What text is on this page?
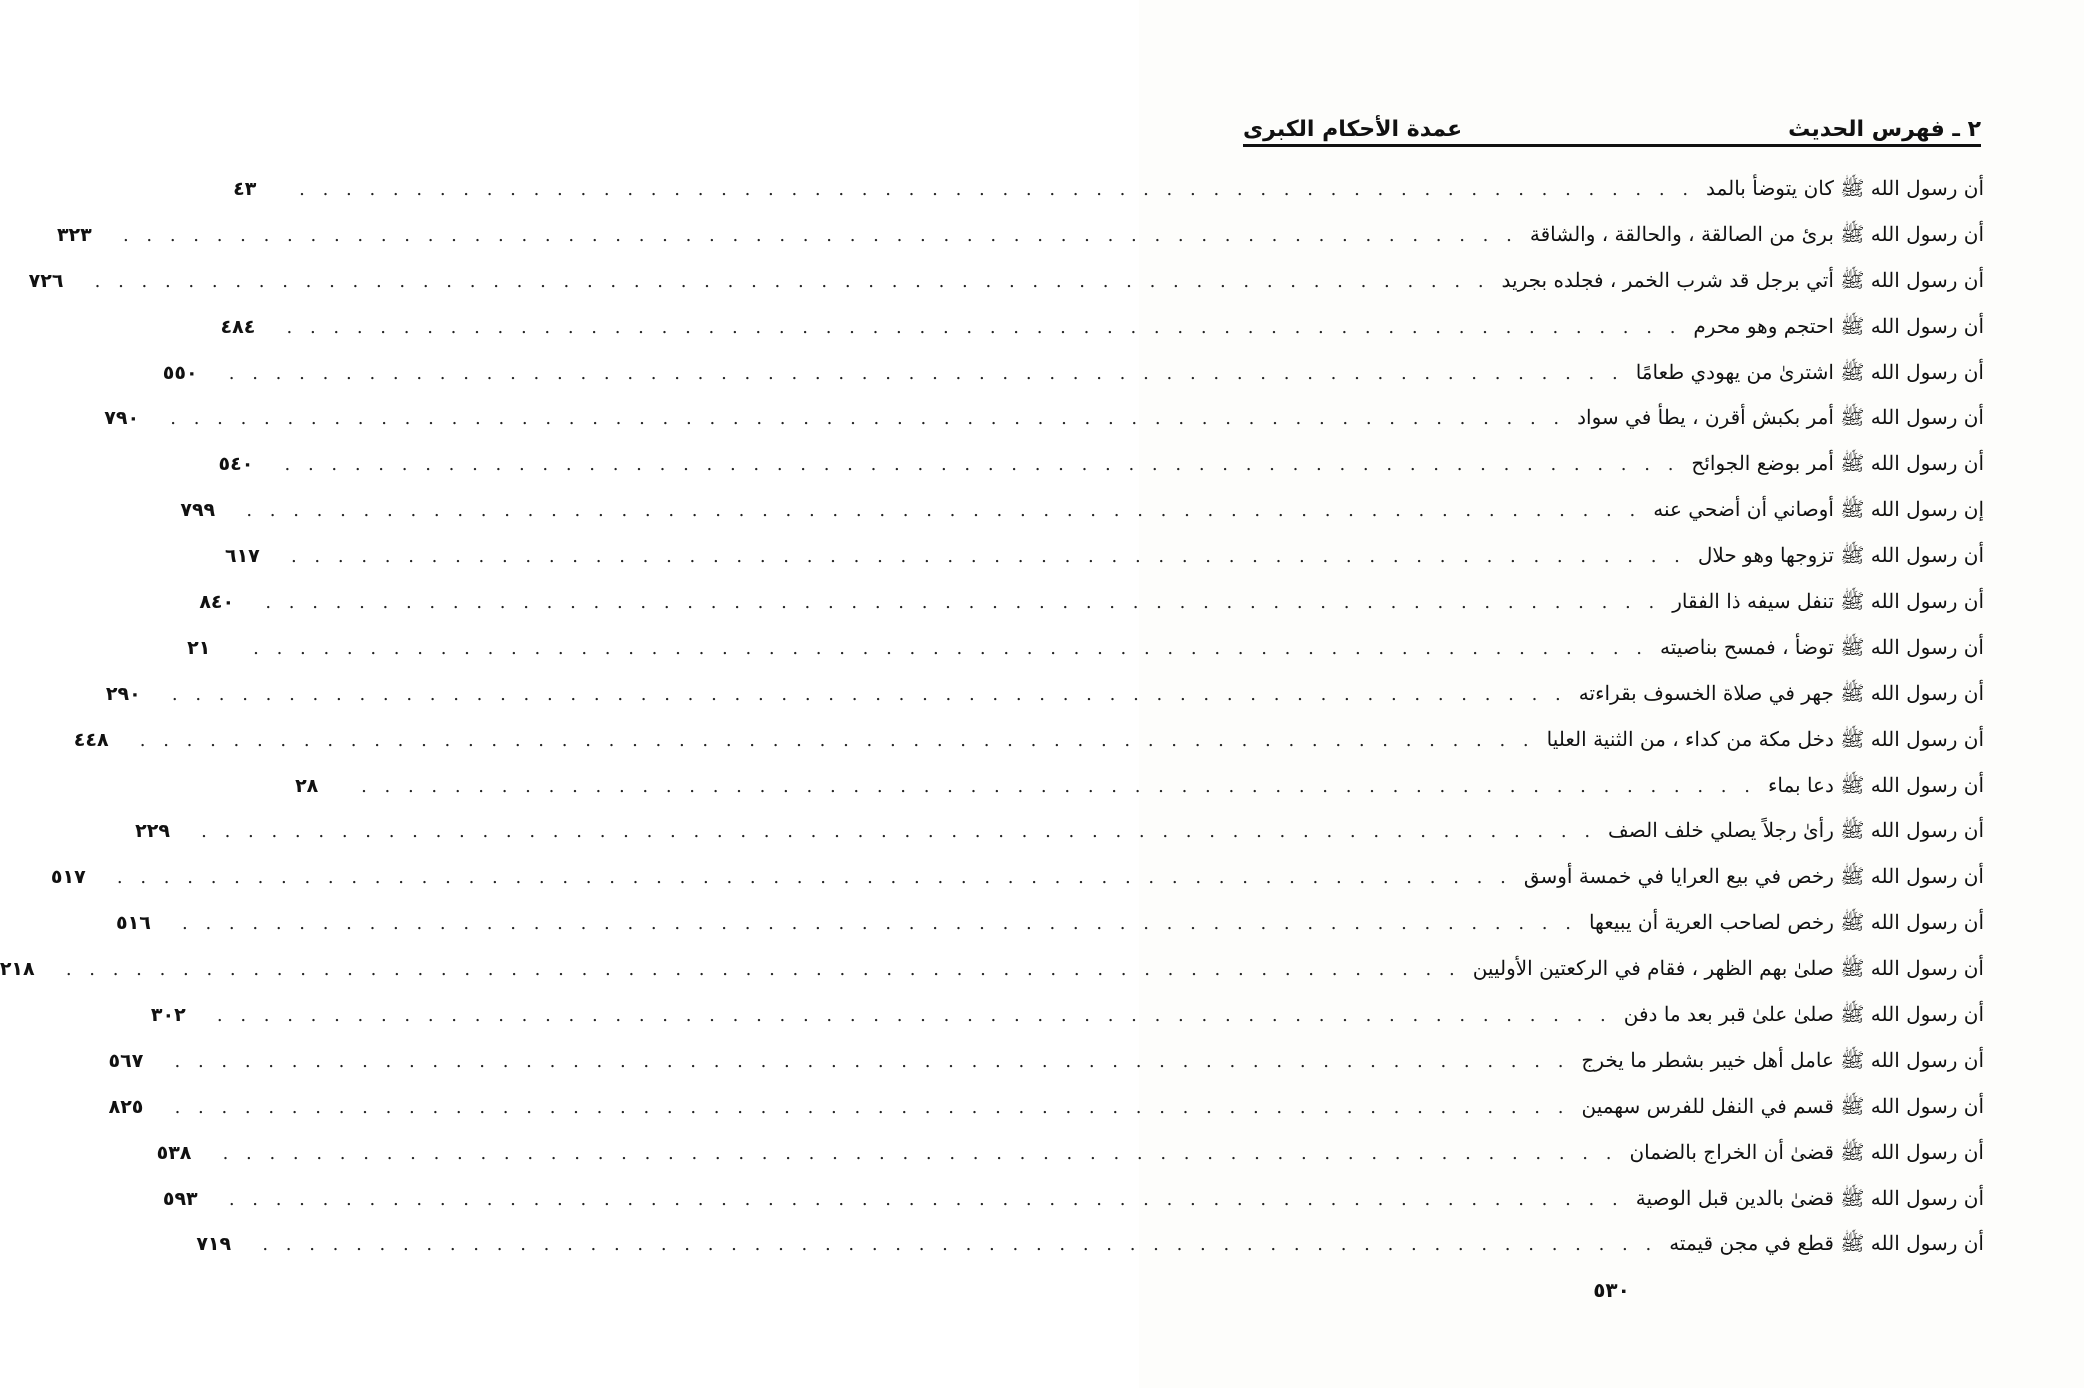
٢ ـ فهرس الحديث
عمدة الأحكام الكبرى
أن رسول الله ﷺ كان يتوضأ بالمد
. . . . . . . . . . . . . . . . . . . . . . . . . . . . . . . . . . . . . . . . . . . . . . . . . . . . . . . . . . . .
٤٣
أن رسول الله ﷺ برئ من الصالقة ، والحالقة ، والشاقة
. . . . . . . . . . . . . . . . . . . . . . . . . . . . . . . . . . . . . . . . . . . . . . . . . . . . . . . . . . . .
٣٢٣
أن رسول الله ﷺ أتي برجل قد شرب الخمر ، فجلده بجريد
. . . . . . . . . . . . . . . . . . . . . . . . . . . . . . . . . . . . . . . . . . . . . . . . . . . . . . . . . . . .
٧٢٦
أن رسول الله ﷺ احتجم وهو محرم
. . . . . . . . . . . . . . . . . . . . . . . . . . . . . . . . . . . . . . . . . . . . . . . . . . . . . . . . . . . .
٤٨٤
أن رسول الله ﷺ اشترىٰ من يهودي طعامًا
. . . . . . . . . . . . . . . . . . . . . . . . . . . . . . . . . . . . . . . . . . . . . . . . . . . . . . . . . . . .
٥٥٠
أن رسول الله ﷺ أمر بكبش أقرن ، يطأ في سواد
. . . . . . . . . . . . . . . . . . . . . . . . . . . . . . . . . . . . . . . . . . . . . . . . . . . . . . . . . . . .
٧٩٠
أن رسول الله ﷺ أمر بوضع الجوائح
. . . . . . . . . . . . . . . . . . . . . . . . . . . . . . . . . . . . . . . . . . . . . . . . . . . . . . . . . . . .
٥٤٠
إن رسول الله ﷺ أوصاني أن أضحي عنه
. . . . . . . . . . . . . . . . . . . . . . . . . . . . . . . . . . . . . . . . . . . . . . . . . . . . . . . . . . . .
٧٩٩
أن رسول الله ﷺ تزوجها وهو حلال
. . . . . . . . . . . . . . . . . . . . . . . . . . . . . . . . . . . . . . . . . . . . . . . . . . . . . . . . . . . .
٦١٧
أن رسول الله ﷺ تنفل سيفه ذا الفقار
. . . . . . . . . . . . . . . . . . . . . . . . . . . . . . . . . . . . . . . . . . . . . . . . . . . . . . . . . . . .
٨٤٠
أن رسول الله ﷺ توضأ ، فمسح بناصيته
. . . . . . . . . . . . . . . . . . . . . . . . . . . . . . . . . . . . . . . . . . . . . . . . . . . . . . . . . . . .
٢١
أن رسول الله ﷺ جهر في صلاة الخسوف بقراءته
. . . . . . . . . . . . . . . . . . . . . . . . . . . . . . . . . . . . . . . . . . . . . . . . . . . . . . . . . . . .
٢٩٠
أن رسول الله ﷺ دخل مكة من كداء ، من الثنية العليا
. . . . . . . . . . . . . . . . . . . . . . . . . . . . . . . . . . . . . . . . . . . . . . . . . . . . . . . . . . . .
٤٤٨
أن رسول الله ﷺ دعا بماء
. . . . . . . . . . . . . . . . . . . . . . . . . . . . . . . . . . . . . . . . . . . . . . . . . . . . . . . . . . . .
٢٨
أن رسول الله ﷺ رأىٰ رجلاً يصلي خلف الصف
. . . . . . . . . . . . . . . . . . . . . . . . . . . . . . . . . . . . . . . . . . . . . . . . . . . . . . . . . . . .
٢٢٩
أن رسول الله ﷺ رخص في بيع العرايا في خمسة أوسق
. . . . . . . . . . . . . . . . . . . . . . . . . . . . . . . . . . . . . . . . . . . . . . . . . . . . . . . . . . . .
٥١٧
أن رسول الله ﷺ رخص لصاحب العرية أن يبيعها
. . . . . . . . . . . . . . . . . . . . . . . . . . . . . . . . . . . . . . . . . . . . . . . . . . . . . . . . . . . .
٥١٦
أن رسول الله ﷺ صلىٰ بهم الظهر ، فقام في الركعتين الأوليين
. . . . . . . . . . . . . . . . . . . . . . . . . . . . . . . . . . . . . . . . . . . . . . . . . . . . . . . . . . . .
٢١٨
أن رسول الله ﷺ صلىٰ علىٰ قبر بعد ما دفن
. . . . . . . . . . . . . . . . . . . . . . . . . . . . . . . . . . . . . . . . . . . . . . . . . . . . . . . . . . . .
٣٠٢
أن رسول الله ﷺ عامل أهل خيبر بشطر ما يخرج
. . . . . . . . . . . . . . . . . . . . . . . . . . . . . . . . . . . . . . . . . . . . . . . . . . . . . . . . . . . .
٥٦٧
أن رسول الله ﷺ قسم في النفل للفرس سهمين
. . . . . . . . . . . . . . . . . . . . . . . . . . . . . . . . . . . . . . . . . . . . . . . . . . . . . . . . . . . .
٨٢٥
أن رسول الله ﷺ قضىٰ أن الخراج بالضمان
. . . . . . . . . . . . . . . . . . . . . . . . . . . . . . . . . . . . . . . . . . . . . . . . . . . . . . . . . . . .
٥٣٨
أن رسول الله ﷺ قضىٰ بالدين قبل الوصية
. . . . . . . . . . . . . . . . . . . . . . . . . . . . . . . . . . . . . . . . . . . . . . . . . . . . . . . . . . . .
٥٩٣
أن رسول الله ﷺ قطع في مجن قيمته
. . . . . . . . . . . . . . . . . . . . . . . . . . . . . . . . . . . . . . . . . . . . . . . . . . . . . . . . . . . .
٧١٩
٥٣٠
